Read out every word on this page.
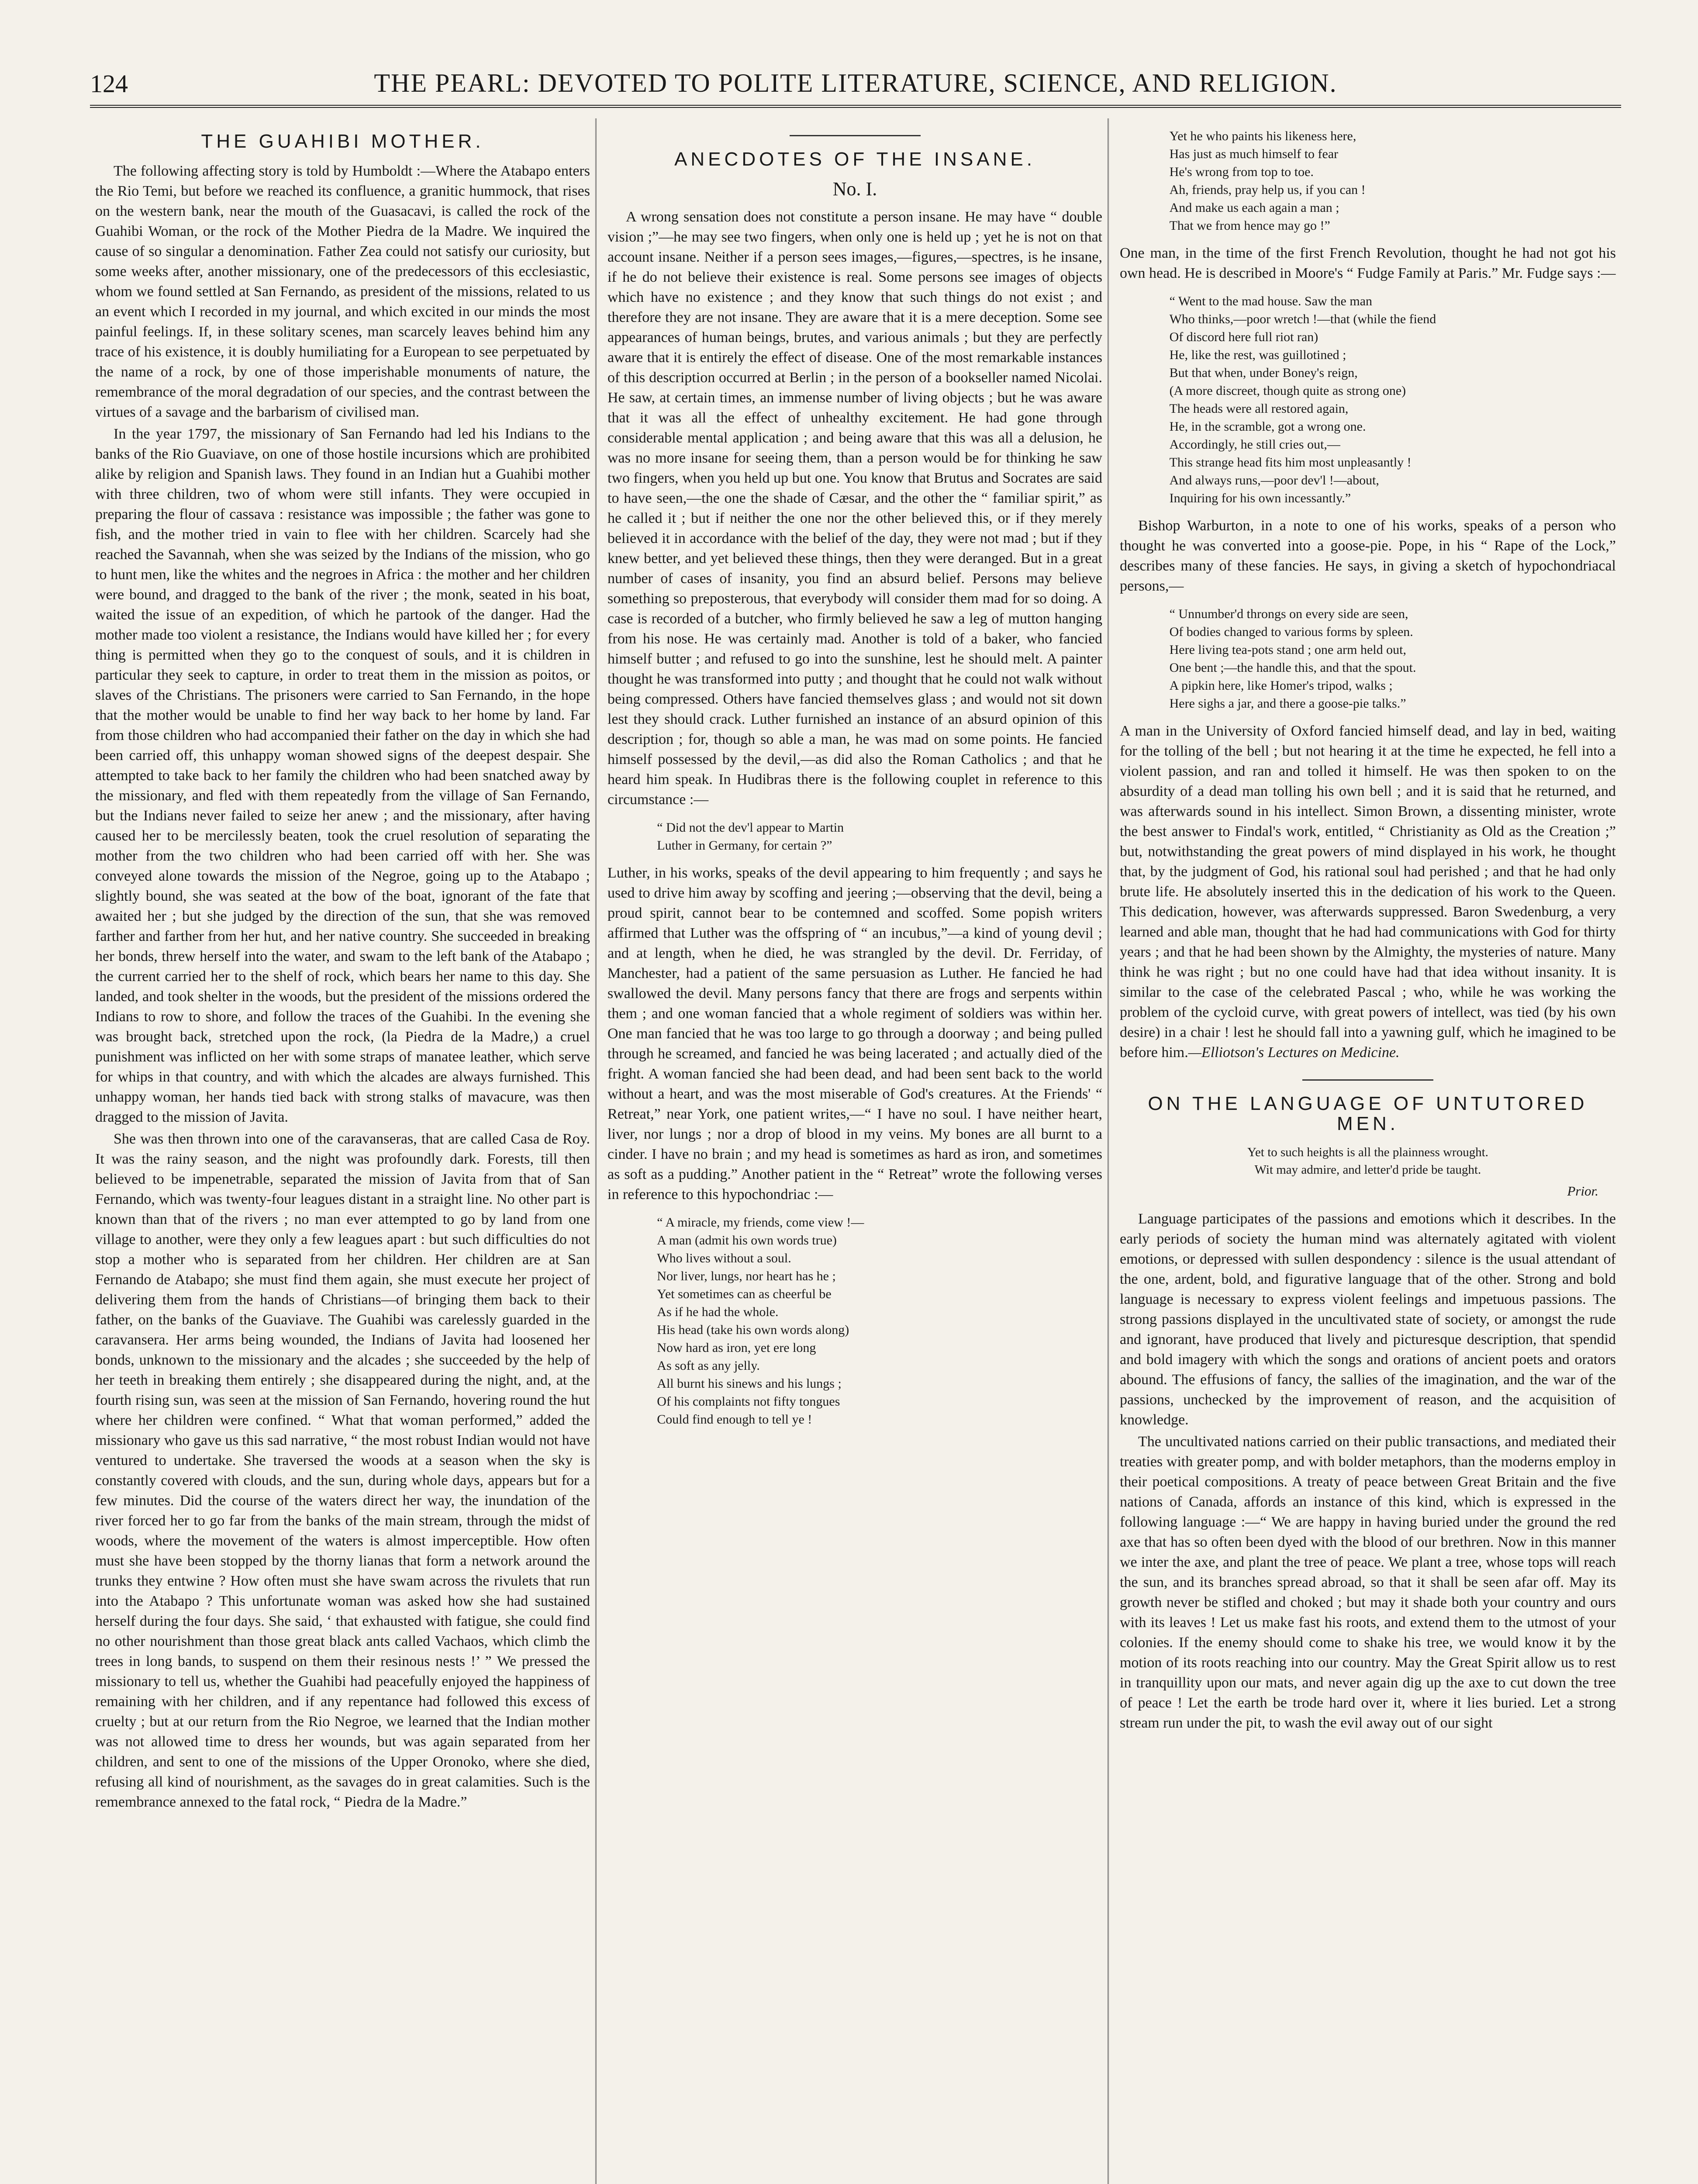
124	THE PEARL: DEVOTED TO POLITE LITERATURE, SCIENCE, AND RELIGION.
THE GUAHIBI MOTHER.

The following affecting story is told by Humboldt :—Where the Atabapo enters the Rio Temi, but before we reached its confluence, a granitic hummock, that rises on the western bank, near the mouth of the Guasacavi, is called the rock of the Guahibi Woman, or the rock of the Mother Piedra de la Madre. We inquired the cause of so singular a denomination. Father Zea could not satisfy our curiosity, but some weeks after, another missionary, one of the predecessors of this ecclesiastic, whom we found settled at San Fernando, as president of the missions, related to us an event which I recorded in my journal, and which excited in our minds the most painful feelings. If, in these solitary scenes, man scarcely leaves behind him any trace of his existence, it is doubly humiliating for a European to see perpetuated by the name of a rock, by one of those imperishable monuments of nature, the remembrance of the moral degradation of our species, and the contrast between the virtues of a savage and the barbarism of civilised man.

In the year 1797, the missionary of San Fernando had led his Indians to the banks of the Rio Guaviave, on one of those hostile incursions which are prohibited alike by religion and Spanish laws. They found in an Indian hut a Guahibi mother with three children, two of whom were still infants. They were occupied in preparing the flour of cassava : resistance was impossible ; the father was gone to fish, and the mother tried in vain to flee with her children. Scarcely had she reached the Savannah, when she was seized by the Indians of the mission, who go to hunt men, like the whites and the negroes in Africa : the mother and her children were bound, and dragged to the bank of the river ; the monk, seated in his boat, waited the issue of an expedition, of which he partook of the danger. Had the mother made too violent a resistance, the Indians would have killed her ; for every thing is permitted when they go to the conquest of souls, and it is children in particular they seek to capture, in order to treat them in the mission as poitos, or slaves of the Christians. The prisoners were carried to San Fernando, in the hope that the mother would be unable to find her way back to her home by land. Far from those children who had accompanied their father on the day in which she had been carried off, this unhappy woman showed signs of the deepest despair. She attempted to take back to her family the children who had been snatched away by the missionary, and fled with them repeatedly from the village of San Fernando, but the Indians never failed to seize her anew ; and the missionary, after having caused her to be mercilessly beaten, took the cruel resolution of separating the mother from the two children who had been carried off with her. She was conveyed alone towards the mission of the Negroe, going up to the Atabapo ; slightly bound, she was seated at the bow of the boat, ignorant of the fate that awaited her ; but she judged by the direction of the sun, that she was removed farther and farther from her hut, and her native country. She succeeded in breaking her bonds, threw herself into the water, and swam to the left bank of the Atabapo ; the current carried her to the shelf of rock, which bears her name to this day. She landed, and took shelter in the woods, but the president of the missions ordered the Indians to row to shore, and follow the traces of the Guahibi. In the evening she was brought back, stretched upon the rock, (la Piedra de la Madre,) a cruel punishment was inflicted on her with some straps of manatee leather, which serve for whips in that country, and with which the alcades are always furnished. This unhappy woman, her hands tied back with strong stalks of mavacure, was then dragged to the mission of Javita.

She was then thrown into one of the caravanseras, that are called Casa de Roy. It was the rainy season, and the night was profoundly dark. Forests, till then believed to be impenetrable, separated the mission of Javita from that of San Fernando, which was twenty-four leagues distant in a straight line. No other part is known than that of the rivers ; no man ever attempted to go by land from one village to another, were they only a few leagues apart : but such difficulties do not stop a mother who is separated from her children. Her children are at San Fernando de Atabapo; she must find them again, she must execute her project of delivering them from the hands of Christians—of bringing them back to their father, on the banks of the Guaviave. The Guahibi was carelessly guarded in the caravansera. Her arms being wounded, the Indians of Javita had loosened her bonds, unknown to the missionary and the alcades ; she succeeded by the help of her teeth in breaking them entirely ; she disappeared during the night, and, at the fourth rising sun, was seen at the mission of San Fernando, hovering round the hut where her children were confined. “ What that woman performed,” added the missionary who gave us this sad narrative, “ the most robust Indian would not have ventured to undertake. She traversed the woods at a season when the sky is constantly covered with clouds, and the sun, during whole days, appears but for a few minutes. Did the course of the waters direct her way, the inundation of the river forced her to go far from the banks of the main stream, through the midst of woods, where the movement of the waters is almost imperceptible. How often must she have been stopped by the thorny lianas that form a network around the trunks they entwine ? How often must she have swam across the rivulets that run into the Atabapo ? This unfortunate woman was asked how she had sustained herself during the four days. She said, ‘ that exhausted with fatigue, she could find no other nourishment than those great black ants called Vachaos, which climb the trees in long bands, to suspend on them their resinous nests !’ ” We pressed the missionary to tell us, whether the Guahibi had peacefully enjoyed the happiness of remaining with her children, and if any repentance had followed this excess of cruelty ; but at our return from the Rio Negroe, we learned that the Indian mother was not allowed time to dress her wounds, but was again separated from her children, and sent to one of the missions of the Upper Oronoko, where she died, refusing all kind of nourishment, as the savages do in great calamities. Such is the remembrance annexed to the fatal rock, “ Piedra de la Madre.”

ANECDOTES OF THE INSANE.
No. I.

A wrong sensation does not constitute a person insane. He may have “ double vision ;”—he may see two fingers, when only one is held up ; yet he is not on that account insane. Neither if a person sees images,—figures,—spectres, is he insane, if he do not believe their existence is real. Some persons see images of objects which have no existence ; and they know that such things do not exist ; and therefore they are not insane. They are aware that it is a mere deception. Some see appearances of human beings, brutes, and various animals ; but they are perfectly aware that it is entirely the effect of disease. One of the most remarkable instances of this description occurred at Berlin ; in the person of a bookseller named Nicolai. He saw, at certain times, an immense number of living objects ; but he was aware that it was all the effect of unhealthy excitement. He had gone through considerable mental application ; and being aware that this was all a delusion, he was no more insane for seeing them, than a person would be for thinking he saw two fingers, when you held up but one. You know that Brutus and Socrates are said to have seen,—the one the shade of Cæsar, and the other the “ familiar spirit,” as he called it ; but if neither the one nor the other believed this, or if they merely believed it in accordance with the belief of the day, they were not mad ; but if they knew better, and yet believed these things, then they were deranged. But in a great number of cases of insanity, you find an absurd belief. Persons may believe something so preposterous, that everybody will consider them mad for so doing. A case is recorded of a butcher, who firmly believed he saw a leg of mutton hanging from his nose. He was certainly mad. Another is told of a baker, who fancied himself butter ; and refused to go into the sunshine, lest he should melt. A painter thought he was transformed into putty ; and thought that he could not walk without being compressed. Others have fancied themselves glass ; and would not sit down lest they should crack. Luther furnished an instance of an absurd opinion of this description ; for, though so able a man, he was mad on some points. He fancied himself possessed by the devil,—as did also the Roman Catholics ; and that he heard him speak. In Hudibras there is the following couplet in reference to this circumstance :—

“ Did not the dev'l appear to Martin
Luther in Germany, for certain ?”

Luther, in his works, speaks of the devil appearing to him frequently ; and says he used to drive him away by scoffing and jeering ;—observing that the devil, being a proud spirit, cannot bear to be contemned and scoffed. Some popish writers affirmed that Luther was the offspring of “ an incubus,”—a kind of young devil ; and at length, when he died, he was strangled by the devil. Dr. Ferriday, of Manchester, had a patient of the same persuasion as Luther. He fancied he had swallowed the devil. Many persons fancy that there are frogs and serpents within them ; and one woman fancied that a whole regiment of soldiers was within her. One man fancied that he was too large to go through a doorway ; and being pulled through he screamed, and fancied he was being lacerated ; and actually died of the fright. A woman fancied she had been dead, and had been sent back to the world without a heart, and was the most miserable of God's creatures. At the Friends' “ Retreat,” near York, one patient writes,—“ I have no soul. I have neither heart, liver, nor lungs ; nor a drop of blood in my veins. My bones are all burnt to a cinder. I have no brain ; and my head is sometimes as hard as iron, and sometimes as soft as a pudding.” Another patient in the “ Retreat” wrote the following verses in reference to this hypochondriac :—

“ A miracle, my friends, come view !—
A man (admit his own words true)
Who lives without a soul.
Nor liver, lungs, nor heart has he ;
Yet sometimes can as cheerful be
As if he had the whole.
His head (take his own words along)
Now hard as iron, yet ere long
As soft as any jelly.
All burnt his sinews and his lungs ;
Of his complaints not fifty tongues
Could find enough to tell ye !
Yet he who paints his likeness here,
Has just as much himself to fear
He's wrong from top to toe.
Ah, friends, pray help us, if you can !
And make us each again a man ;
That we from hence may go !”

One man, in the time of the first French Revolution, thought he had not got his own head. He is described in Moore's “ Fudge Family at Paris.” Mr. Fudge says :—

“ Went to the mad house. Saw the man
Who thinks,—poor wretch !—that (while the fiend
Of discord here full riot ran)
He, like the rest, was guillotined ;
But that when, under Boney's reign,
(A more discreet, though quite as strong one)
The heads were all restored again,
He, in the scramble, got a wrong one.
Accordingly, he still cries out,—
This strange head fits him most unpleasantly !
And always runs,—poor dev'l !—about,
Inquiring for his own incessantly.”

Bishop Warburton, in a note to one of his works, speaks of a person who thought he was converted into a goose-pie. Pope, in his “ Rape of the Lock,” describes many of these fancies. He says, in giving a sketch of hypochondriacal persons,—

“ Unnumber'd throngs on every side are seen,
Of bodies changed to various forms by spleen.
Here living tea-pots stand ; one arm held out,
One bent ;—the handle this, and that the spout.
A pipkin here, like Homer's tripod, walks ;
Here sighs a jar, and there a goose-pie talks.”

A man in the University of Oxford fancied himself dead, and lay in bed, waiting for the tolling of the bell ; but not hearing it at the time he expected, he fell into a violent passion, and ran and tolled it himself. He was then spoken to on the absurdity of a dead man tolling his own bell ; and it is said that he returned, and was afterwards sound in his intellect. Simon Brown, a dissenting minister, wrote the best answer to Findal's work, entitled, “ Christianity as Old as the Creation ;” but, notwithstanding the great powers of mind displayed in his work, he thought that, by the judgment of God, his rational soul had perished ; and that he had only brute life. He absolutely inserted this in the dedication of his work to the Queen. This dedication, however, was afterwards suppressed. Baron Swedenburg, a very learned and able man, thought that he had had communications with God for thirty years ; and that he had been shown by the Almighty, the mysteries of nature. Many think he was right ; but no one could have had that idea without insanity. It is similar to the case of the celebrated Pascal ; who, while he was working the problem of the cycloid curve, with great powers of intellect, was tied (by his own desire) in a chair ! lest he should fall into a yawning gulf, which he imagined to be before him.—Elliotson's Lectures on Medicine.

ON THE LANGUAGE OF UNTUTORED MEN.
Yet to such heights is all the plainness wrought.
Wit may admire, and letter'd pride be taught.
Prior.

Language participates of the passions and emotions which it describes. In the early periods of society the human mind was alternately agitated with violent emotions, or depressed with sullen despondency : silence is the usual attendant of the one, ardent, bold, and figurative language that of the other. Strong and bold language is necessary to express violent feelings and impetuous passions. The strong passions displayed in the uncultivated state of society, or amongst the rude and ignorant, have produced that lively and picturesque description, that spendid and bold imagery with which the songs and orations of ancient poets and orators abound. The effusions of fancy, the sallies of the imagination, and the war of the passions, unchecked by the improvement of reason, and the acquisition of knowledge.

The uncultivated nations carried on their public transactions, and mediated their treaties with greater pomp, and with bolder metaphors, than the moderns employ in their poetical compositions. A treaty of peace between Great Britain and the five nations of Canada, affords an instance of this kind, which is expressed in the following language :—“ We are happy in having buried under the ground the red axe that has so often been dyed with the blood of our brethren. Now in this manner we inter the axe, and plant the tree of peace. We plant a tree, whose tops will reach the sun, and its branches spread abroad, so that it shall be seen afar off. May its growth never be stifled and choked ; but may it shade both your country and ours with its leaves ! Let us make fast his roots, and extend them to the utmost of your colonies. If the enemy should come to shake his tree, we would know it by the motion of its roots reaching into our country. May the Great Spirit allow us to rest in tranquillity upon our mats, and never again dig up the axe to cut down the tree of peace ! Let the earth be trode hard over it, where it lies buried. Let a strong stream run under the pit, to wash the evil away out of our sight
